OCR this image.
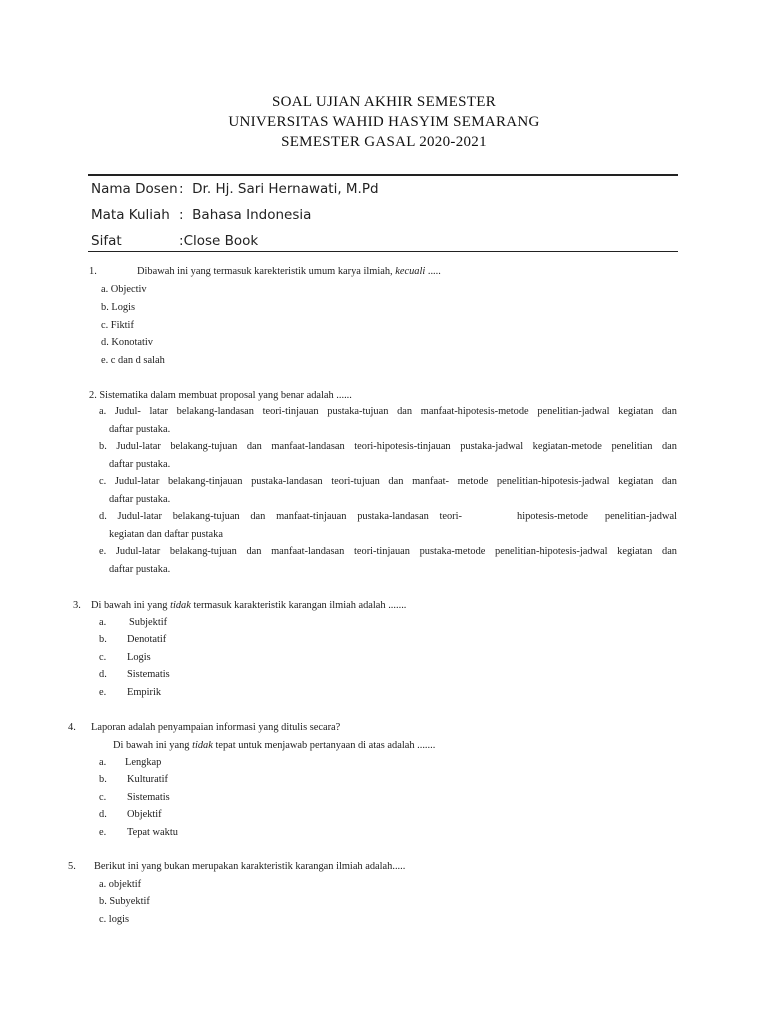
SOAL UJIAN AKHIR SEMESTER
UNIVERSITAS WAHID HASYIM SEMARANG
SEMESTER GASAL 2020-2021
Nama Dosen: Dr. Hj. Sari Hernawati, M.Pd
Mata Kuliah : Bahasa Indonesia
Sifat	:Close Book
1.	Dibawah ini yang termasuk karekteristik umum karya ilmiah, kecuali .....
a. Objectiv
b. Logis
c. Fiktif
d. Konotativ
e. c dan d salah
2. Sistematika dalam membuat proposal yang benar adalah ......
a. Judul- latar belakang-landasan teori-tinjauan pustaka-tujuan dan manfaat-hipotesis-metode penelitian-jadwal kegiatan dan
daftar pustaka.
b. Judul-latar belakang-tujuan dan manfaat-landasan teori-hipotesis-tinjauan pustaka-jadwal kegiatan-metode penelitian dan
daftar pustaka.
c. Judul-latar belakang-tinjauan pustaka-landasan teori-tujuan dan manfaat- metode penelitian-hipotesis-jadwal kegiatan dan
daftar pustaka.
d. Judul-latar belakang-tujuan dan manfaat-tinjauan pustaka-landasan teori-	hipotesis-metode penelitian-jadwal
kegiatan dan daftar pustaka
e. Judul-latar belakang-tujuan dan manfaat-landasan teori-tinjauan pustaka-metode penelitian-hipotesis-jadwal kegiatan dan
daftar pustaka.
3. Di bawah ini yang tidak termasuk karakteristik karangan ilmiah adalah .......
a. Subjektif
b. Denotatif
c. Logis
d. Sistematis
e. Empirik
4. Laporan adalah penyampaian informasi yang ditulis secara?
Di bawah ini yang tidak tepat untuk menjawab pertanyaan di atas adalah .......
a. Lengkap
b. Kulturatif
c. Sistematis
d. Objektif
e. Tepat waktu
5. Berikut ini yang bukan merupakan karakteristik karangan ilmiah adalah.....
a. objektif
b. Subyektif
c. logis
